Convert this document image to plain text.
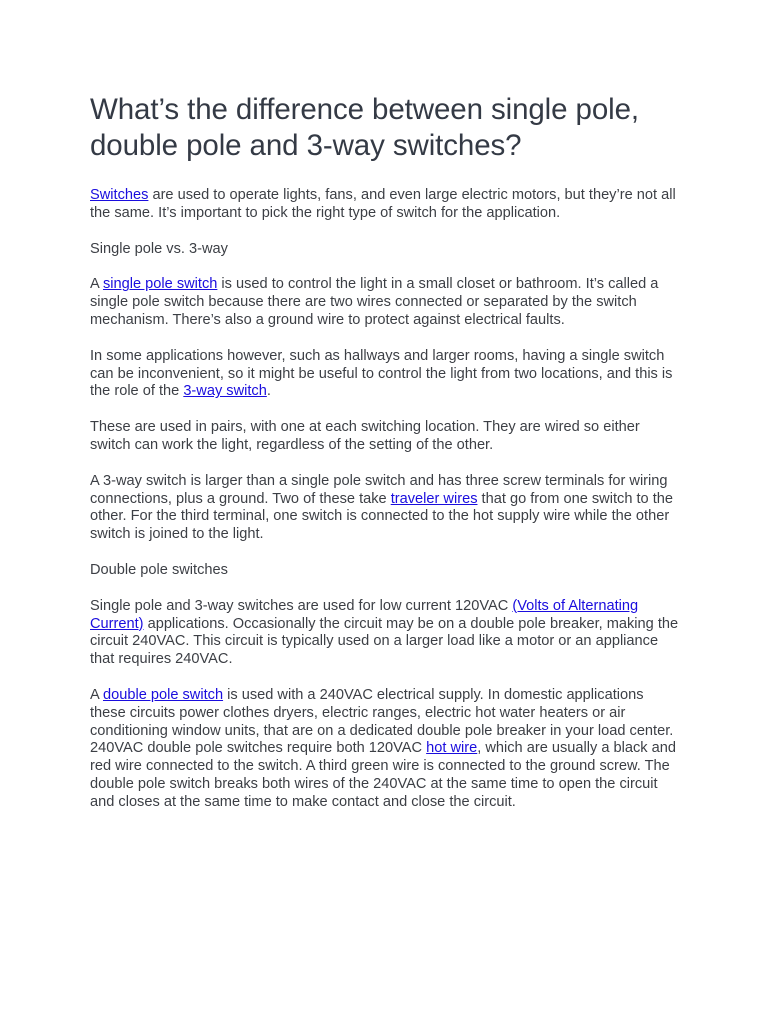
What’s the difference between single pole, double pole and 3-way switches?

Switches are used to operate lights, fans, and even large electric motors, but they’re not all the same. It’s important to pick the right type of switch for the application.

Single pole vs. 3-way

A single pole switch is used to control the light in a small closet or bathroom. It’s called a single pole switch because there are two wires connected or separated by the switch mechanism. There’s also a ground wire to protect against electrical faults.

In some applications however, such as hallways and larger rooms, having a single switch can be inconvenient, so it might be useful to control the light from two locations, and this is the role of the 3-way switch.

These are used in pairs, with one at each switching location. They are wired so either switch can work the light, regardless of the setting of the other.

A 3-way switch is larger than a single pole switch and has three screw terminals for wiring connections, plus a ground. Two of these take traveler wires that go from one switch to the other. For the third terminal, one switch is connected to the hot supply wire while the other switch is joined to the light.

Double pole switches

Single pole and 3-way switches are used for low current 120VAC (Volts of Alternating Current) applications. Occasionally the circuit may be on a double pole breaker, making the circuit 240VAC. This circuit is typically used on a larger load like a motor or an appliance that requires 240VAC.

A double pole switch is used with a 240VAC electrical supply. In domestic applications these circuits power clothes dryers, electric ranges, electric hot water heaters or air conditioning window units, that are on a dedicated double pole breaker in your load center. 240VAC double pole switches require both 120VAC hot wire, which are usually a black and red wire connected to the switch. A third green wire is connected to the ground screw. The double pole switch breaks both wires of the 240VAC at the same time to open the circuit and closes at the same time to make contact and close the circuit.
